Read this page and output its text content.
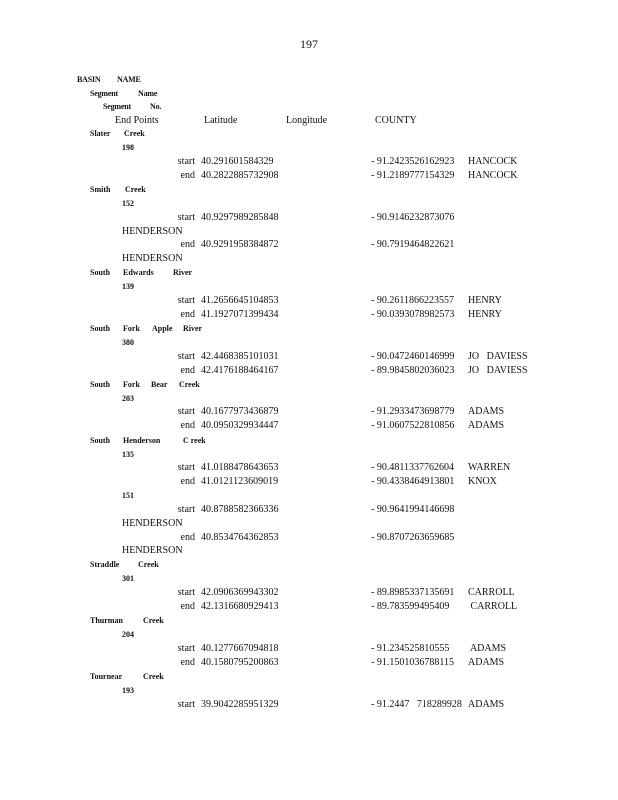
197
BASIN NAME
Segment	Name
Segment No.
End Points	Latitude	Longitude	COUNTY
Slater Creek
198
start 40.291601584329	- 91.2423526162923 HANCOCK
end 40.2822885732908	- 91.2189777154329 HANCOCK
Smith Creek
152
start 40.9297989285848	- 90.9146232873076
HENDERSON
end 40.9291958384872	- 90.7919464822621
HENDERSON
South Edwards River
139
start 41.2656645104853	- 90.2611866223557 HENRY
end 41.1927071399434	- 90.0393078982573 HENRY
South Fork Apple River
380
start 42.4468385101031	- 90.0472460146999 JO   DAVIESS
end 42.4176188464167	- 89.9845802036023 JO   DAVIESS
South Fork Bear Creek
203
start 40.1677973436879	- 91.2933473698779 ADAMS
end 40.0950329934447	- 91.0607522810856 ADAMS
South Henderson	C reek
135
start 41.0188478643653	- 90.4811337762604 WARREN
end 41.0121123609019	- 90.4338464913801 KNOX
151
start 40.8788582366336	- 90.9641994146698
HENDERSON
end 40.8534764362853	- 90.8707263659685
HENDERSON
Straddle Creek
301
start 42.0906369943302	- 89.8985337135691 CARROLL
end 42.1316680929413	- 89.783599495409 CARROLL
Thurman	Creek
204
start 40.1277667094818	- 91.234525810555 ADAMS
end 40.1580795200863	- 91.1501036788115 ADAMS
Tournear	Creek
193
start 39.9042285951329	- 91.2447   718289928 ADAMS
